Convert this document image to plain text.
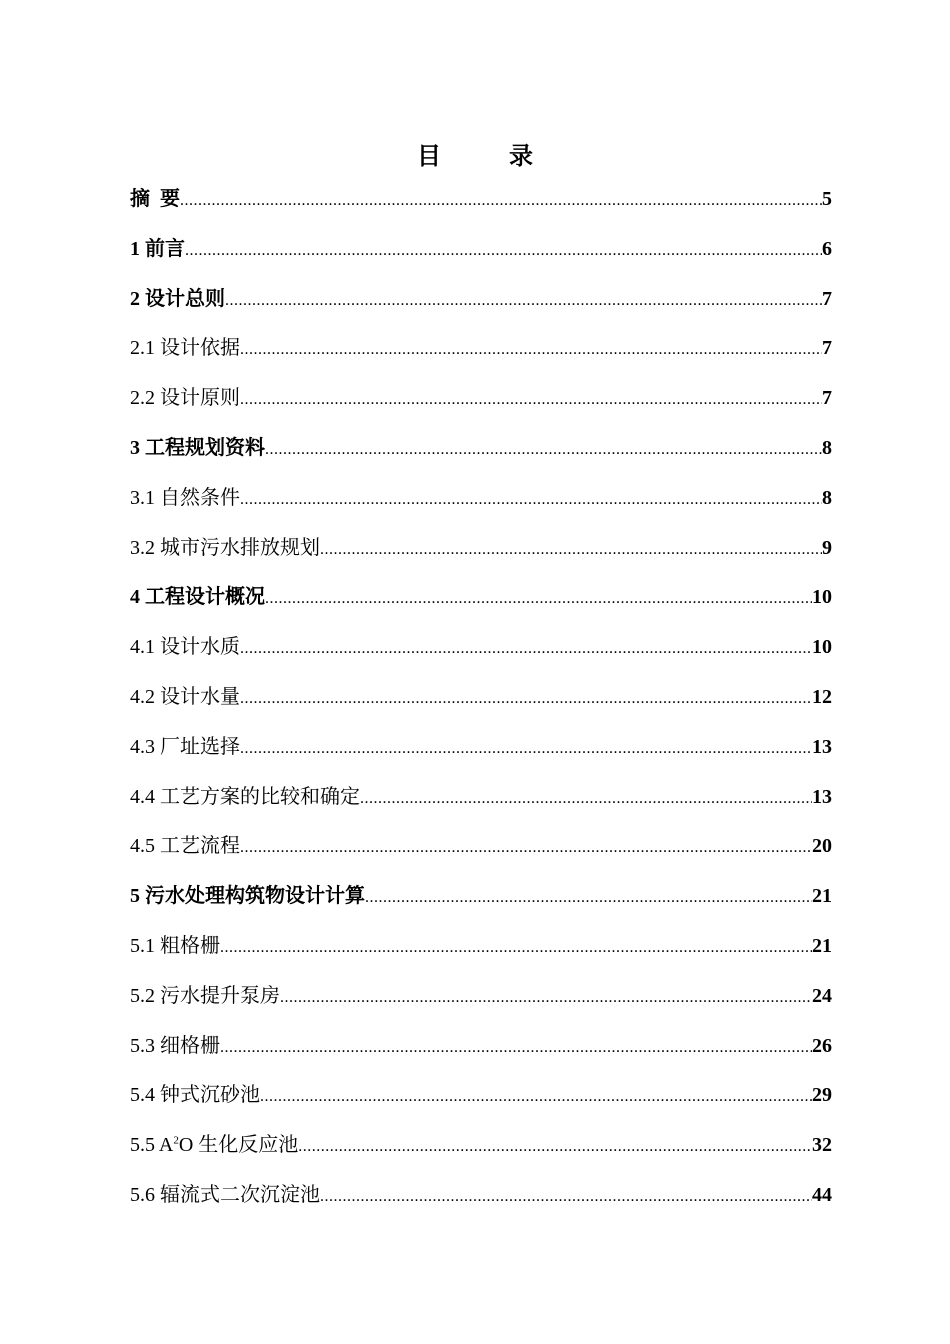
目　录
摘  要 .....	5
1 前言 .....	6
2 设计总则 .....	7
2.1 设计依据 .....	7
2.2 设计原则 .....	7
3 工程规划资料 .....	8
3.1 自然条件 .....	8
3.2 城市污水排放规划 .....	9
4 工程设计概况 .....	10
4.1 设计水质 .....	10
4.2 设计水量 .....	12
4.3 厂址选择 .....	13
4.4 工艺方案的比较和确定 .....	13
4.5 工艺流程 .....	20
5 污水处理构筑物设计计算 .....	21
5.1 粗格栅 .....	21
5.2 污水提升泵房 .....	24
5.3 细格栅 .....	26
5.4 钟式沉砂池 .....	29
5.5 $A^2O$ 生化反应池 .....	32
5.6 辐流式二次沉淀池 .....	44
